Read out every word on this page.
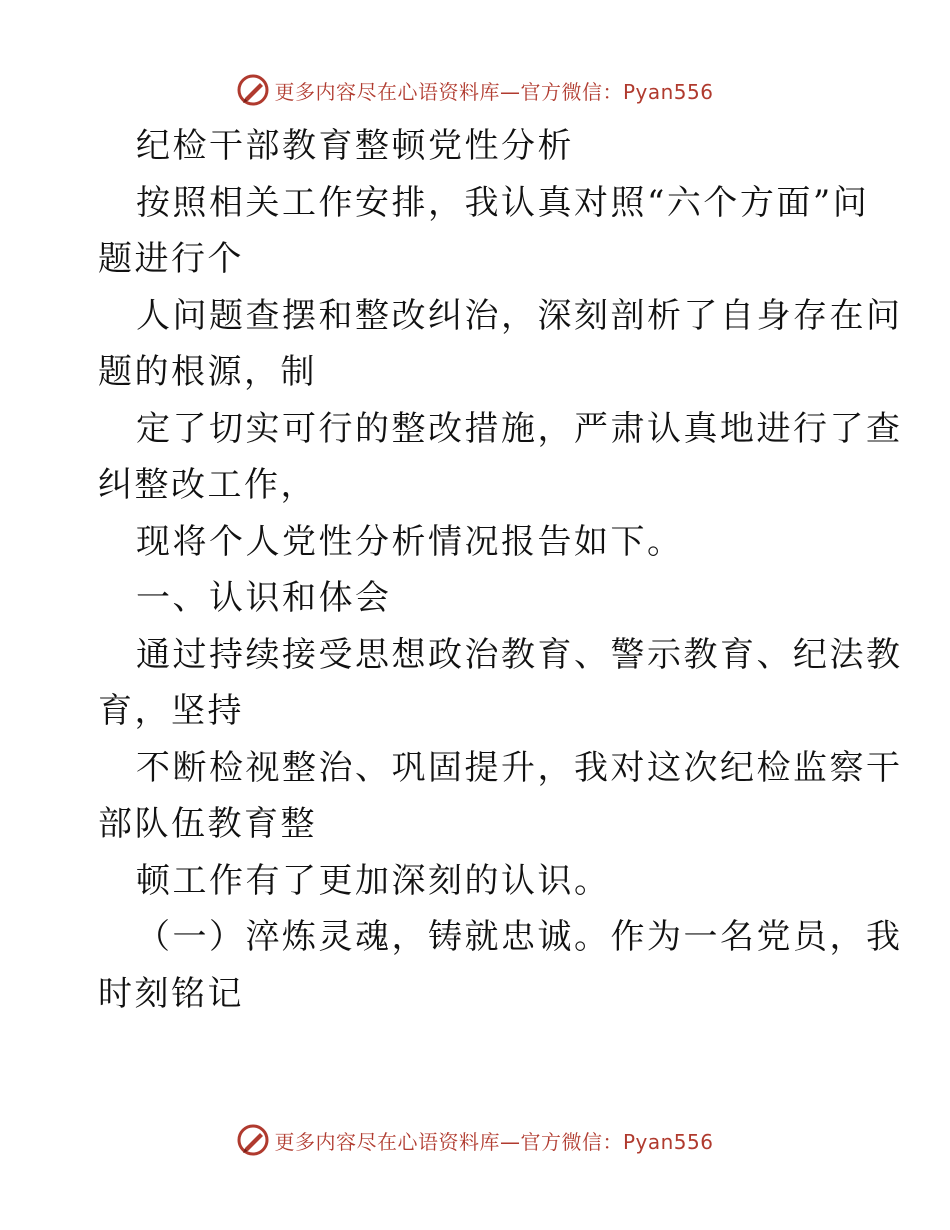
更多内容尽在心语资料库—官方微信：Pyan556
纪检干部教育整顿党性分析
按照相关工作安排，我认真对照“六个方面”问
题进行个
人问题查摆和整改纠治，深刻剖析了自身存在问
题的根源，制
定了切实可行的整改措施，严肃认真地进行了查
纠整改工作，
现将个人党性分析情况报告如下。
一、认识和体会
通过持续接受思想政治教育、警示教育、纪法教
育，坚持
不断检视整治、巩固提升，我对这次纪检监察干
部队伍教育整
顿工作有了更加深刻的认识。
（一）淬炼灵魂，铸就忠诚。作为一名党员，我
时刻铭记
更多内容尽在心语资料库—官方微信：Pyan556
